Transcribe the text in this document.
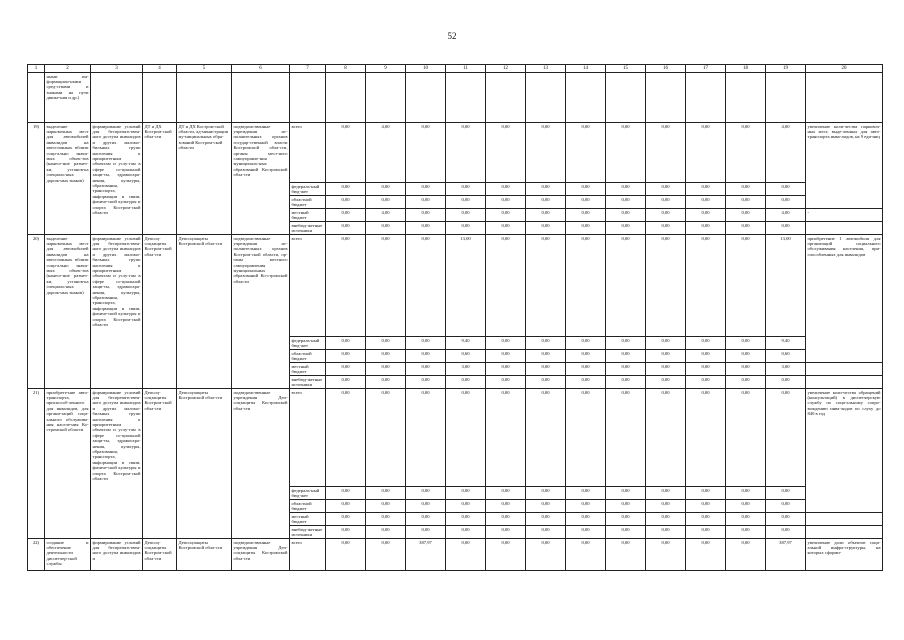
52
1	2	3	4	5	6	7	8	9	10	11	12	13	14	15	16	17	18	19	20
	ными ин-формацион-ными сред-ствами и знаками на пути движе-ния и др.)																		
19)	выделение парковочных мест для автомобилей инвалидов на автостоянках вблизи соци-ально значи-мых объек-тов (нанесе-ние размет-ки, установ-ка специаль-ных дорож-ных знаков)	формирование условий для беспрепятствен-ного доступа инвалидов и других маломо-бильных групп населения к приоритетным объектам и услу-гам в сфере со-циальной защи-ты, здравоохра-нения, культуры, образования, транспорта, информации и связи, физиче-ской культуры и спорта Костром-ской области	ДТ и ДХ Костром-ской обла-сти	ДТ и ДХ Костром-ской области, ад-министрации му-ниципальных обра-зований Костром-ской области	подведомственные учреждения ис-полнительных органов государ-ственной власти Костромской обла-сти, органы мест-ного самоуправле-ния муниципаль-ных образований Костромской обла-сти	всего	0,00	4,00	0,00	0,00	0,00	0,00	0,00	0,00	0,00	0,00	0,00	4,00	увеличение коли-чества парковоч-ных мест, выде-ленных для авто-транспорта инва-лидов, на 9 еди-ниц
						федераль-ный бюд-жет	0,00	0,00	0,00	0,00	0,00	0,00	0,00	0,00	0,00	0,00	0,00	0,00	
						областной бюджет	0,00	0,00	0,00	0,00	0,00	0,00	0,00	0,00	0,00	0,00	0,00	0,00	
						местный бюджет	0,00	4,00	0,00	0,00	0,00	0,00	0,00	0,00	0,00	0,00	0,00	4,00	-
						внебюд-жетные источники	0,00	0,00	0,00	0,00	0,00	0,00	0,00	0,00	0,00	0,00	0,00	0,00	
20)	выделение парковочных мест для автомобилей инвалидов на автостоянках вблизи соци-ально значи-мых объек-тов (нанесе-ние размет-ки, установ-ка специаль-ных дорож-ных знаков)	формирование условий для беспрепятствен-ного доступа инвалидов и других маломо-бильных групп населения к приоритетным объектам и услу-гам в сфере со-циальной защи-ты, здравоохра-нения, культуры, образования, транспорта, информации и связи, физиче-ской культуры и спорта Костром-ской области	Депсоц-соцзащиты Костром-ской обла-сти	Депсоцзащиты Костромской обла-сти	подведомственные учреждения ис-полнительных органов Костром-ской области, ор-ганы местного самоуправления муниципальных образований Ко-стромской области	всего	0,00	0,00	0,00	13,00	0,00	0,00	0,00	0,00	0,00	0,00	0,00	13,00	приобретение 1 автомобиля для организаций социального обслуживания населения, при-способленных для инвалидов
						федераль-ный бюд-жет	0,00	0,00	0,00	9,40	0,00	0,00	0,00	0,00	0,00	0,00	0,00	9,40	
						областной бюджет	0,00	0,00	0,00	0,60	0,00	0,00	0,00	0,00	0,00	0,00	0,00	0,60	
						местный бюджет	0,00	0,00	0,00	3,00	0,00	0,00	0,00	0,00	0,00	0,00	0,00	3,00	
						внебюд-жетные источники	0,00	0,00	0,00	0,00	0,00	0,00	0,00	0,00	0,00	0,00	0,00	0,00	
21)	приобрете-ние авто-транспорта, приспособ-ленного для инвалидов, для органи-заций соци-ального обслужива-ния населе-ния Ко-стромской области	формирование условий для беспрепятствен-ного доступа инвалидов и других маломо-бильных групп населения к приоритетным объектам и услу-гам в сфере со-циальной защи-ты, здравоохра-нения, культуры, образования, транспорта, информации и связи, физиче-ской культуры и спорта Костром-ской области	Депсоц-соцзащиты Костром-ской обла-сти	Депсоцзащиты Костромской обла-сти	подведомственные учреждения Деп-соцзащиты Костромской обла-сти	всего	0,00	0,00	0,00	0,00	0,00	0,00	0,00	0,00	0,00	0,00	0,00	0,00	увеличение коли-чества обращений (консультаций) в диспетчерскую службу по соци-альному сопро-вождению инва-лидов по слуху до 840 в год
						федераль-ный бюд-жет	0,00	0,00	0,00	0,00	0,00	0,00	0,00	0,00	0,00	0,00	0,00	0,00	
						областной бюджет	0,00	0,00	0,00	0,00	0,00	0,00	0,00	0,00	0,00	0,00	0,00	0,00	
						местный бюджет	0,00	0,00	0,00	0,00	0,00	0,00	0,00	0,00	0,00	0,00	0,00	0,00	
						внебюд-жетные источники	0,00	0,00	0,00	0,00	0,00	0,00	0,00	0,00	0,00	0,00	0,00	0,00	
22)	создание и обеспечение деятельности диспетчер-ской службы	формирование условий для беспрепятствен-ного доступа инвалидов и	Депсоц-соцзащиты Костром-ской обла-сти	Депсоцзащиты Костромской обла-сти	подведомственные учреждения Деп-соцзащиты Костромской обла-сти	всего	0,00	0,00	387,97	0,00	0,00	0,00	0,00	0,00	0,00	0,00	0,00	387,97	увеличение доли объектов соци-альной инфра-структуры, на которых сформи-
